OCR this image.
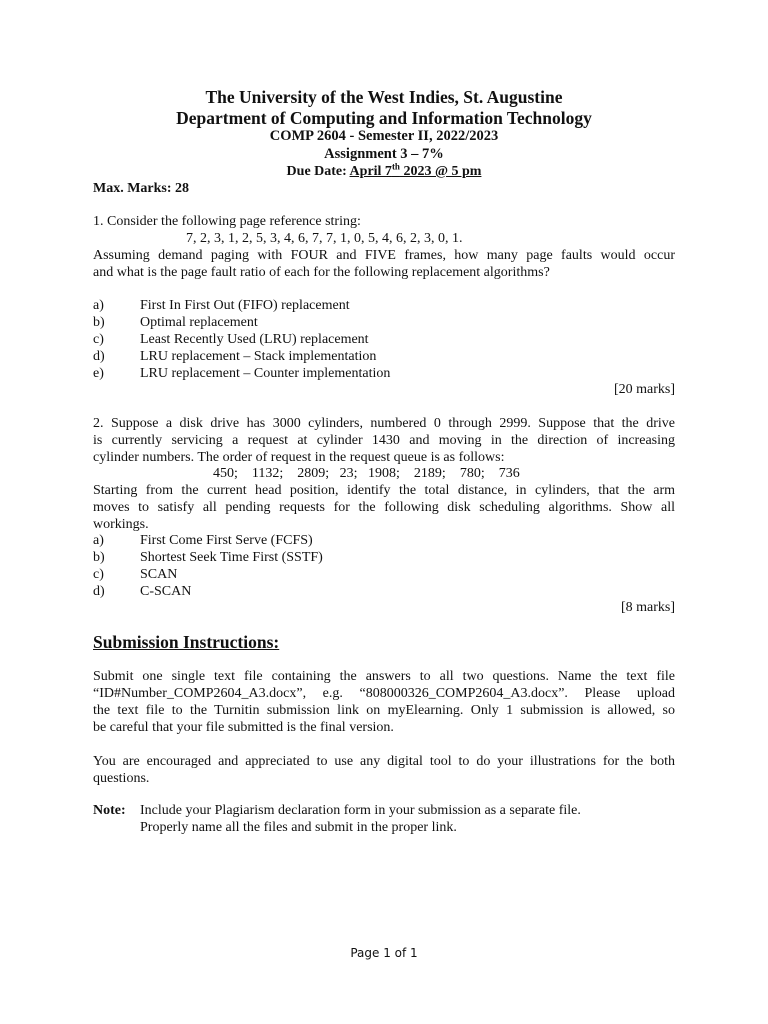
The University of the West Indies, St. Augustine
Department of Computing and Information Technology
COMP 2604 - Semester II, 2022/2023
Assignment 3 – 7%
Due Date: April 7th 2023 @ 5 pm
Max. Marks: 28
1. Consider the following page reference string:
7, 2, 3, 1, 2, 5, 3, 4, 6, 7, 7, 1, 0, 5, 4, 6, 2, 3, 0, 1.
Assuming demand paging with FOUR and FIVE frames, how many page faults would occur
and what is the page fault ratio of each for the following replacement algorithms?
a)	First In First Out (FIFO) replacement
b)	Optimal replacement
c)	Least Recently Used (LRU) replacement
d)	LRU replacement – Stack implementation
e)	LRU replacement – Counter implementation
[20 marks]
2. Suppose a disk drive has 3000 cylinders, numbered 0 through 2999. Suppose that the drive
is currently servicing a request at cylinder 1430 and moving in the direction of increasing
cylinder numbers. The order of request in the request queue is as follows:
450;    1132;    2809;   23;   1908;    2189;    780;    736
Starting from the current head position, identify the total distance, in cylinders, that the arm
moves to satisfy all pending requests for the following disk scheduling algorithms. Show all
workings.
a)	First Come First Serve (FCFS)
b)	Shortest Seek Time First (SSTF)
c)	SCAN
d)	C-SCAN
[8 marks]
Submission Instructions:
Submit one single text file containing the answers to all two questions. Name the text file
“ID#Number_COMP2604_A3.docx”, e.g. “808000326_COMP2604_A3.docx”. Please upload
the text file to the Turnitin submission link on myElearning. Only 1 submission is allowed, so
be careful that your file submitted is the final version.
You are encouraged and appreciated to use any digital tool to do your illustrations for the both
questions.
Note: Include your Plagiarism declaration form in your submission as a separate file.
Properly name all the files and submit in the proper link.
Page 1 of 1
